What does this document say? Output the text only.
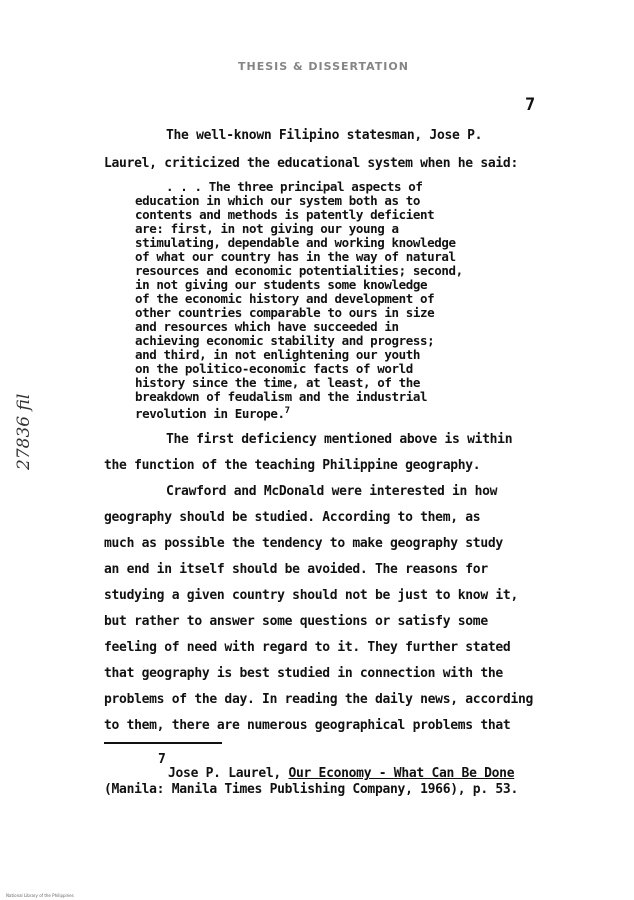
THESIS & DISSERTATION
7
The well-known Filipino statesman, Jose P.
Laurel, criticized the educational system when he said:
. . . The three principal aspects of
education in which our system both as to
contents and methods is patently deficient
are: first, in not giving our young a
stimulating, dependable and working knowledge
of what our country has in the way of natural
resources and economic potentialities; second,
in not giving our students some knowledge
of the economic history and development of
other countries comparable to ours in size
and resources which have succeeded in
achieving economic stability and progress;
and third, in not enlightening our youth
on the politico-economic facts of world
history since the time, at least, of the
breakdown of feudalism and the industrial
revolution in Europe.$^7$
The first deficiency mentioned above is within
the function of the teaching Philippine geography.
Crawford and McDonald were interested in how
geography should be studied. According to them, as
much as possible the tendency to make geography study
an end in itself should be avoided. The reasons for
studying a given country should not be just to know it,
but rather to answer some questions or satisfy some
feeling of need with regard to it. They further stated
that geography is best studied in connection with the
problems of the day. In reading the daily news, according
to them, there are numerous geographical problems that
7
Jose P. Laurel, Our Economy - What Can Be Done
(Manila: Manila Times Publishing Company, 1966), p. 53.
27836 fil
National Library of the Philippines
